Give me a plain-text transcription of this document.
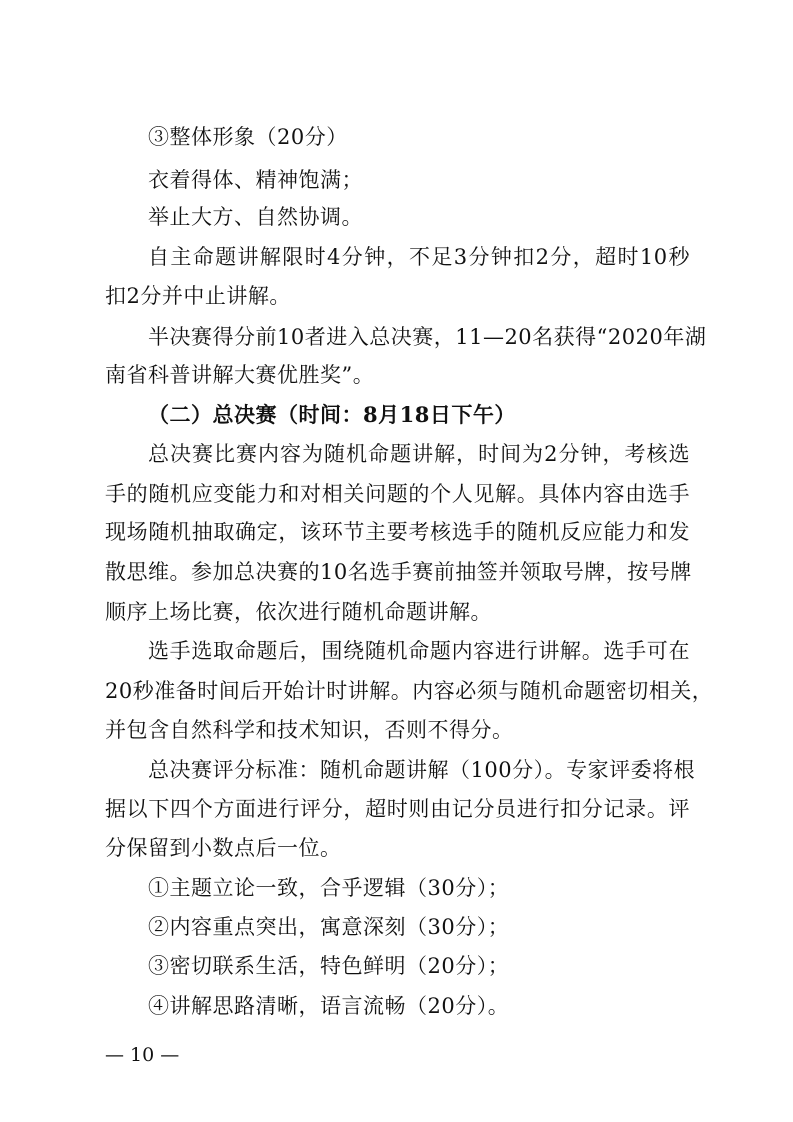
③整体形象（20分）
衣着得体、精神饱满；
举止大方、自然协调。
自主命题讲解限时4分钟，不足3分钟扣2分，超时10秒
扣2分并中止讲解。
半决赛得分前10者进入总决赛，11—20名获得“2020年湖
南省科普讲解大赛优胜奖”。
（二）总决赛（时间：8月18日下午）
总决赛比赛内容为随机命题讲解，时间为2分钟，考核选
手的随机应变能力和对相关问题的个人见解。具体内容由选手
现场随机抽取确定，该环节主要考核选手的随机反应能力和发
散思维。参加总决赛的10名选手赛前抽签并领取号牌，按号牌
顺序上场比赛，依次进行随机命题讲解。
选手选取命题后，围绕随机命题内容进行讲解。选手可在
20秒准备时间后开始计时讲解。内容必须与随机命题密切相关，
并包含自然科学和技术知识，否则不得分。
总决赛评分标准：随机命题讲解（100分）。专家评委将根
据以下四个方面进行评分，超时则由记分员进行扣分记录。评
分保留到小数点后一位。
①主题立论一致，合乎逻辑（30分）；
②内容重点突出，寓意深刻（30分）；
③密切联系生活，特色鲜明（20分）；
④讲解思路清晰，语言流畅（20分）。
— 10 —
